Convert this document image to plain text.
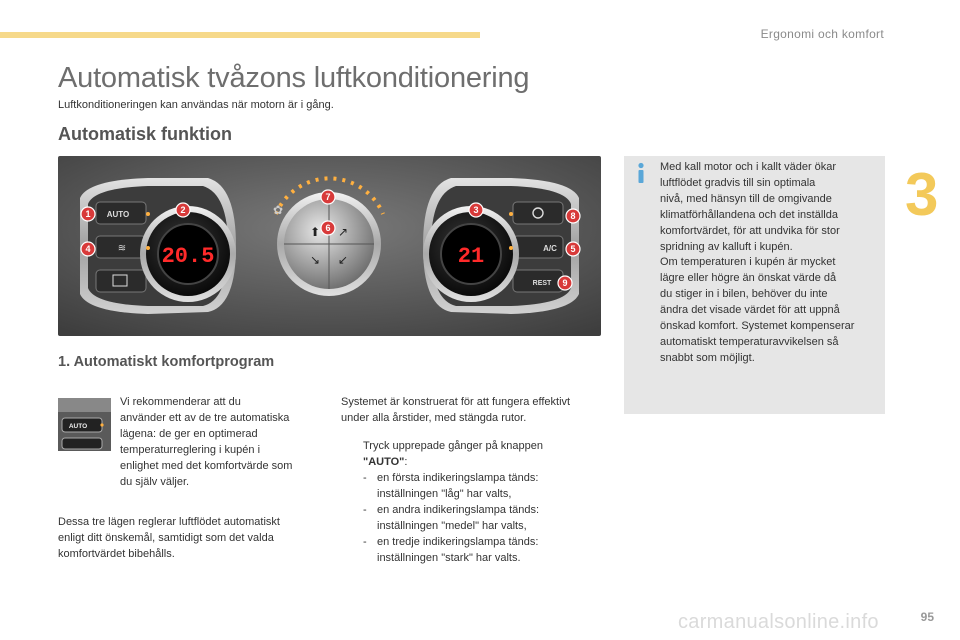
Ergonomi och komfort
3
Automatisk tvåzons luftkonditionering
Luftkonditioneringen kan användas när motorn är i gång.
Automatisk funktion
AUTO
≋	A/C
REST
20.5	21
⬆ ↗
↘ ↙
✿
1	2	3
4	5
6
7
8
9
Med kall motor och i kallt väder ökar
luftflödet gradvis till sin optimala
nivå, med hänsyn till de omgivande
klimatförhållandena och det inställda
komfortvärdet, för att undvika för stor
spridning av kalluft i kupén.
Om temperaturen i kupén är mycket
lägre eller högre än önskat värde då
du stiger in i bilen, behöver du inte
ändra det visade värdet för att uppnå
önskad komfort. Systemet kompenserar
automatiskt temperaturavvikelsen så
snabbt som möjligt.
1. Automatiskt komfortprogram
AUTO
Vi rekommenderar att du
använder ett av de tre automatiska
lägena: de ger en optimerad
temperaturreglering i kupén i
enlighet med det komfortvärde som
du själv väljer.
Dessa tre lägen reglerar luftflödet automatiskt
enligt ditt önskemål, samtidigt som det valda
komfortvärdet bibehålls.
Systemet är konstruerat för att fungera effektivt
under alla årstider, med stängda rutor.
Tryck upprepade gånger på knappen
"AUTO":
- en första indikeringslampa tänds:
inställningen "låg" har valts,
- en andra indikeringslampa tänds:
inställningen "medel" har valts,
- en tredje indikeringslampa tänds:
inställningen "stark" har valts.
carmanualsonline.info	95
